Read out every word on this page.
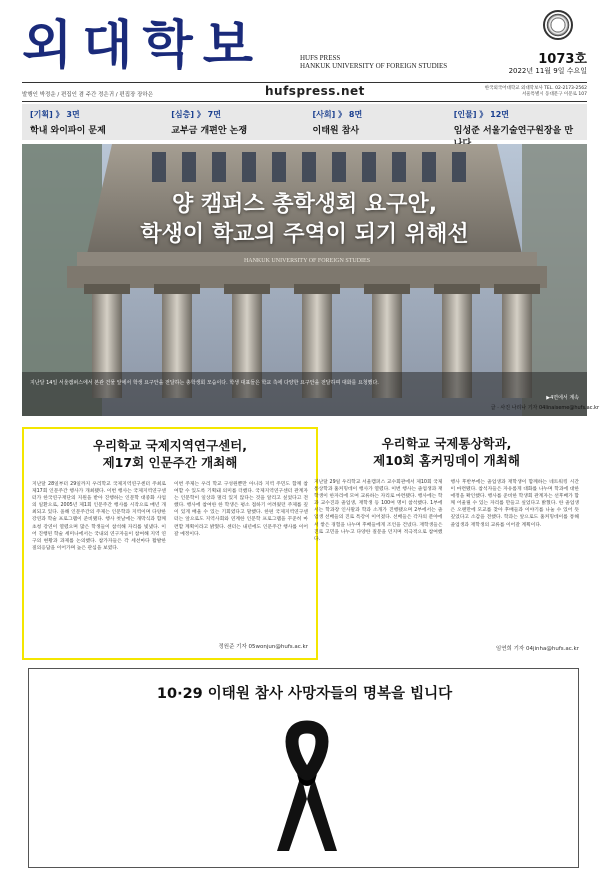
외대학보	HUFS PRESS
HANKUK UNIVERSITY OF FOREIGN STUDIES	1073호
2022년 11월 9일 수요일
발행인 박정운 / 편집인 겸 주간 정은귀 / 편집장 장하은	hufspress.net	한국외국어대학교 외대학보사 TEL. 02-2173-2562
서울특별시 동대문구 이문로 107
[기획] 》 3면
학내 와이파이 문제
[심층] 》 7면
교부금 개편안 논쟁
[사회] 》 8면
이태원 참사
[인물] 》 12면
임성준 서울기술연구원장을 만
HANKUK UNIVERSITY OF FOREIGN STUDIES
양 캠퍼스 총학생회 요구안,
학생이 학교의 주역이 되기 위해선
지난달 14일 서울캠퍼스에서 본관 건물 앞에서 학생 요구안을 전달하는 총학생회 모습이다. 학생 대표들은 학교 측에 다양한 요구안을 전달하며 대화를 요청했다.
▶4면에서 계속
글 · 사진 나리나 기자 04linaiseme@hufs.ac.kr
우리학교 국제지역연구센터,
제17회 인문주간 개최해
지난달 28일부터 29일까지 우리학교 국제지역연구센터 주최로 제17회 인문주간 행사가 개최됐다. 이번 행사는 국제지역연구센터가 한국연구재단의 지원을 받아 진행하는 인문학 대중화 사업의 일환으로, 2005년 제1회 인문주간 행사를 시작으로 매년 개최되고 있다. 올해 인문주간의 주제는 인문학과 지역이며 다양한 강연과 학술 프로그램이 준비됐다. 행사 첫날에는 개막식과 함께 초청 강연이 열렸으며 많은 학생들이 참석해 자리를 빛냈다. 이어 진행된 학술 세미나에서는 국내외 연구자들이 참여해 지역 연구의 현황과 과제를 논의했다. 참가자들은 각 세션마다 활발한 질의응답을 이어가며 높은 관심을 보였다.
이번 주제는 우리 학교 구성원뿐만 아니라 지역 주민도 함께 참여할 수 있도록 기획돼 의미를 더했다. 국제지역연구센터 관계자는 인문학이 일상과 멀리 있지 않다는 것을 알리고 싶었다고 전했다. 행사에 참여한 한 학생은 평소 접하기 어려웠던 주제를 깊이 있게 배울 수 있는 기회였다고 말했다. 한편 국제지역연구센터는 앞으로도 지역사회와 연계한 인문학 프로그램을 꾸준히 마련할 계획이라고 밝혔다. 센터는 내년에도 인문주간 행사를 이어갈 예정이다.
정원준 기자 05wonjun@hufs.ac.kr
우리학교 국제통상학과,
제10회 홈커밍데이 개최해
지난달 29일 우리학교 서울캠퍼스 교수회관에서 제10회 국제통상학과 홈커밍데이 행사가 열렸다. 이번 행사는 졸업생과 재학생이 한자리에 모여 교류하는 자리로 마련됐다. 행사에는 학과 교수진과 졸업생, 재학생 등 100여 명이 참석했다. 1부에서는 학과장 인사말과 학과 소개가 진행됐으며 2부에서는 졸업생 선배들의 진로 특강이 이어졌다. 선배들은 각자의 분야에서 쌓은 경험을 나누며 후배들에게 조언을 건넸다. 재학생들은 진로 고민을 나누고 다양한 질문을 던지며 적극적으로 참여했다.
행사 후반부에는 졸업생과 재학생이 함께하는 네트워킹 시간이 마련됐다. 참석자들은 자유롭게 대화를 나누며 학과에 대한 애정을 확인했다. 행사를 준비한 학생회 관계자는 선후배가 함께 어울릴 수 있는 자리를 만들고 싶었다고 밝혔다. 한 졸업생은 오랜만에 모교를 찾아 후배들과 이야기를 나눌 수 있어 뜻깊었다고 소감을 전했다. 학과는 앞으로도 홈커밍데이를 통해 졸업생과 재학생의 교류를 이어갈 계획이다.
임연희 기자 04jinha@hufs.ac.kr
10·29 이태원 참사 사망자들의 명복을 빕니다
